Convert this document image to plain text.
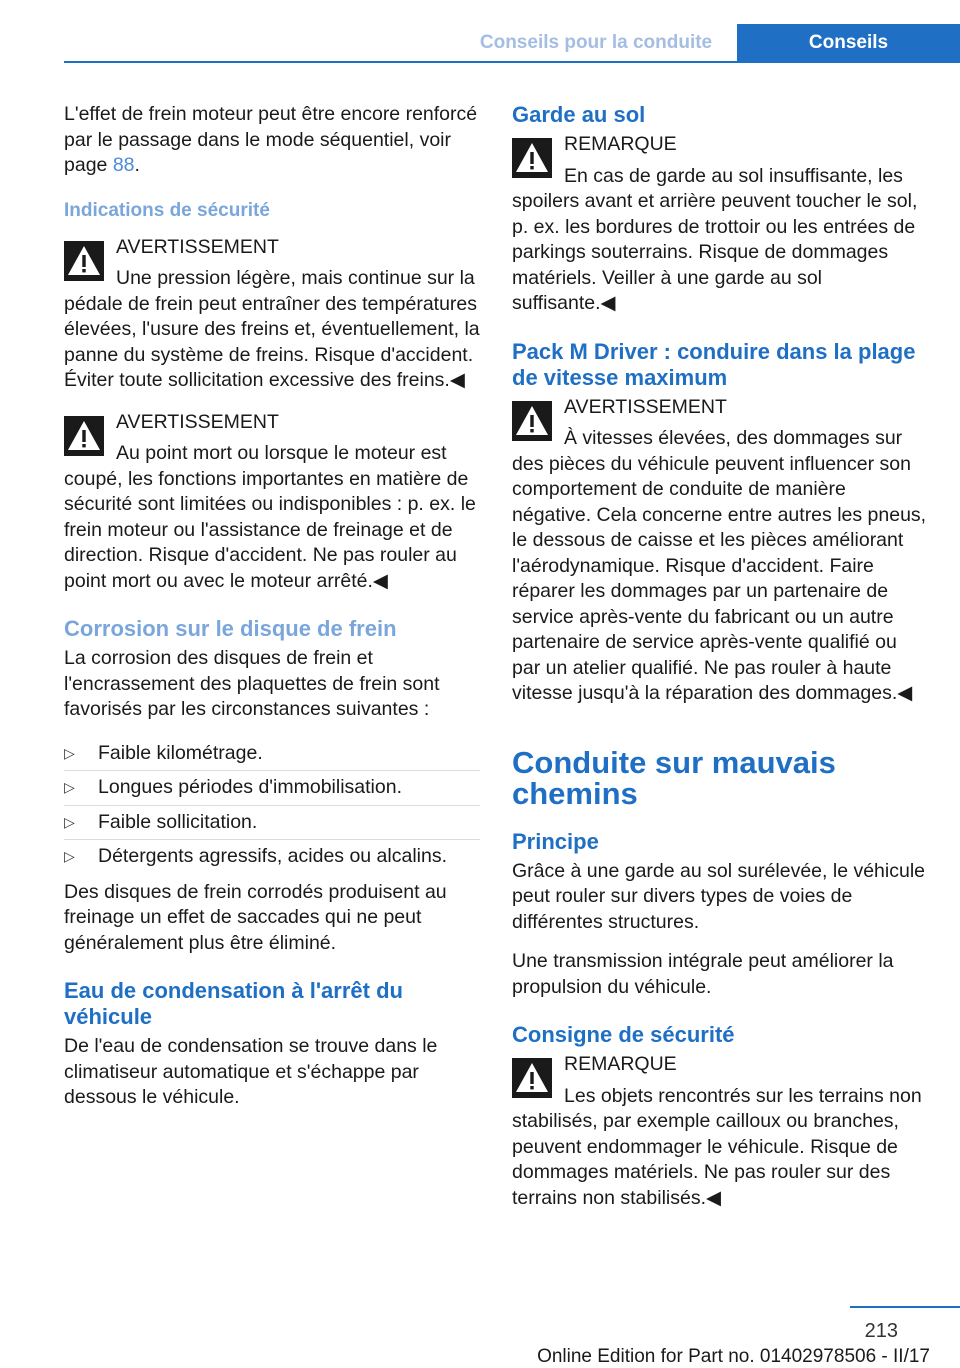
Conseils pour la conduite	Conseils

L'effet de frein moteur peut être encore renforcé par le passage dans le mode séquentiel, voir page 88.

Indications de sécurité
AVERTISSEMENT
Une pression légère, mais continue sur la pédale de frein peut entraîner des températures élevées, l'usure des freins et, éventuellement, la panne du système de freins. Risque d'accident. Éviter toute sollicitation excessive des freins.◀
AVERTISSEMENT
Au point mort ou lorsque le moteur est coupé, les fonctions importantes en matière de sécurité sont limitées ou indisponibles : p. ex. le frein moteur ou l'assistance de freinage et de direction. Risque d'accident. Ne pas rouler au point mort ou avec le moteur arrêté.◀
Corrosion sur le disque de frein

La corrosion des disques de frein et l'encrassement des plaquettes de frein sont favorisés par les circonstances suivantes :

▷ Faible kilométrage.
▷ Longues périodes d'immobilisation.
▷ Faible sollicitation.
▷ Détergents agressifs, acides ou alcalins.

Des disques de frein corrodés produisent au freinage un effet de saccades qui ne peut généralement plus être éliminé.

Eau de condensation à l'arrêt du véhicule

De l'eau de condensation se trouve dans le climatiseur automatique et s'échappe par dessous le véhicule.

Garde au sol
REMARQUE
En cas de garde au sol insuffisante, les spoilers avant et arrière peuvent toucher le sol, p. ex. les bordures de trottoir ou les entrées de parkings souterrains. Risque de dommages matériels. Veiller à une garde au sol suffisante.◀
Pack M Driver : conduire dans la plage de vitesse maximum
AVERTISSEMENT
À vitesses élevées, des dommages sur des pièces du véhicule peuvent influencer son comportement de conduite de manière négative. Cela concerne entre autres les pneus, le dessous de caisse et les pièces améliorant l'aérodynamique. Risque d'accident. Faire réparer les dommages par un partenaire de service après-vente du fabricant ou un autre partenaire de service après-vente qualifié ou par un atelier qualifié. Ne pas rouler à haute vitesse jusqu'à la réparation des dommages.◀
Conduite sur mauvais chemins
Principe

Grâce à une garde au sol surélevée, le véhicule peut rouler sur divers types de voies de différentes structures.

Une transmission intégrale peut améliorer la propulsion du véhicule.

Consigne de sécurité
REMARQUE
Les objets rencontrés sur les terrains non stabilisés, par exemple cailloux ou branches, peuvent endommager le véhicule. Risque de dommages matériels. Ne pas rouler sur des terrains non stabilisés.◀
213
Online Edition for Part no. 01402978506 - II/17
